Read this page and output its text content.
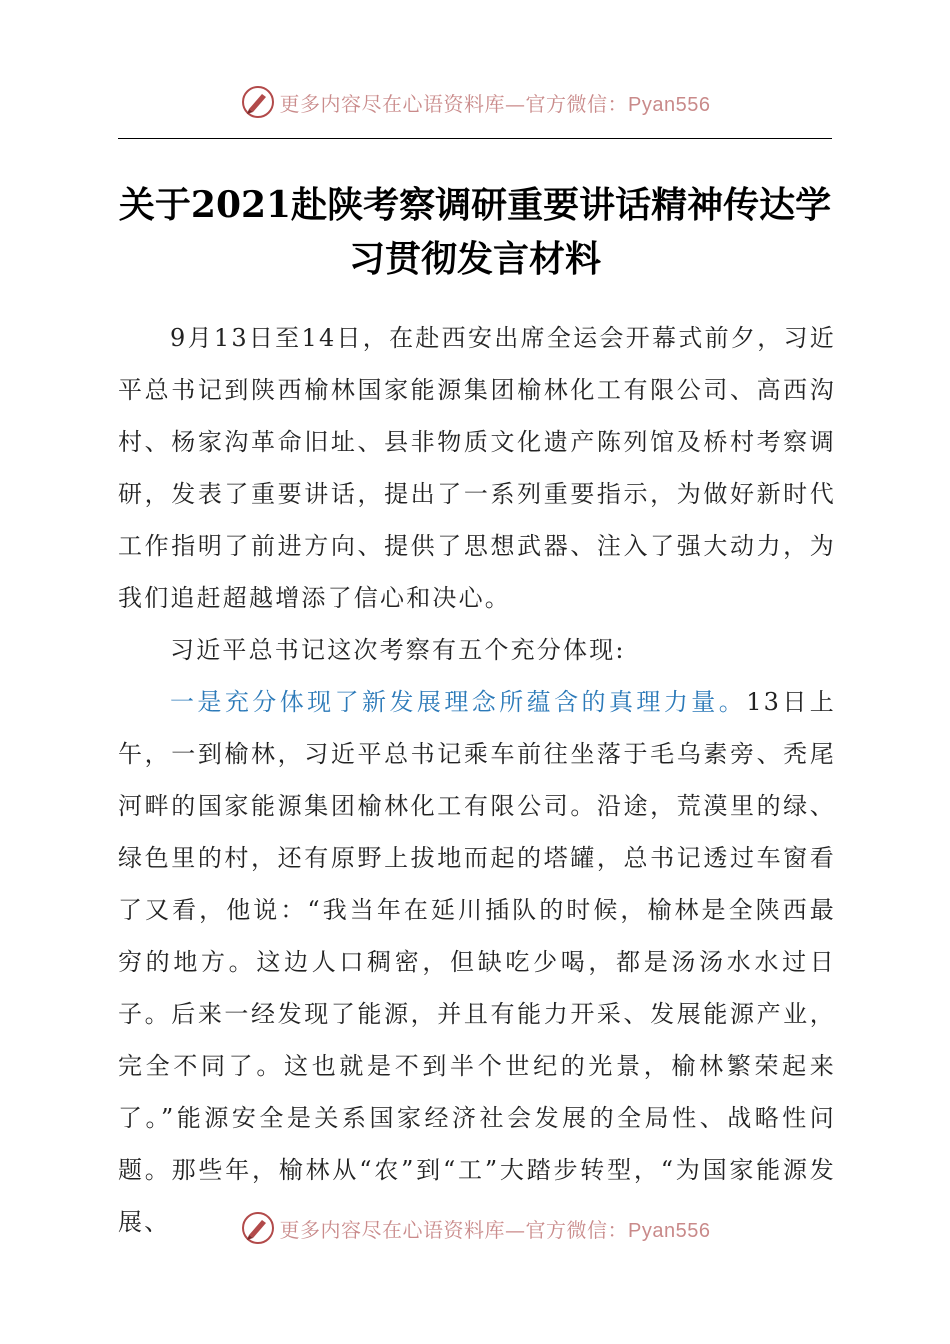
更多内容尽在心语资料库—官方微信：Pyan556
关于2021赴陕考察调研重要讲话精神传达学
习贯彻发言材料

9月13日至14日，在赴西安出席全运会开幕式前夕，习近平总书记到陕西榆林国家能源集团榆林化工有限公司、高西沟村、杨家沟革命旧址、县非物质文化遗产陈列馆及桥村考察调研，发表了重要讲话，提出了一系列重要指示，为做好新时代工作指明了前进方向、提供了思想武器、注入了强大动力，为我们追赶超越增添了信心和决心。

习近平总书记这次考察有五个充分体现:

一是充分体现了新发展理念所蕴含的真理力量。13日上午，一到榆林，习近平总书记乘车前往坐落于毛乌素旁、秃尾河畔的国家能源集团榆林化工有限公司。沿途，荒漠里的绿、绿色里的村，还有原野上拔地而起的塔罐，总书记透过车窗看了又看，他说：“我当年在延川插队的时候，榆林是全陕西最穷的地方。这边人口稠密，但缺吃少喝，都是汤汤水水过日子。后来一经发现了能源，并且有能力开采、发展能源产业，完全不同了。这也就是不到半个世纪的光景，榆林繁荣起来了。”能源安全是关系国家经济社会发展的全局性、战略性问题。那些年，榆林从“农”到“工”大踏步转型，“为国家能源发展、	更多内容尽在心语资料库—官方微信：Pyan556
